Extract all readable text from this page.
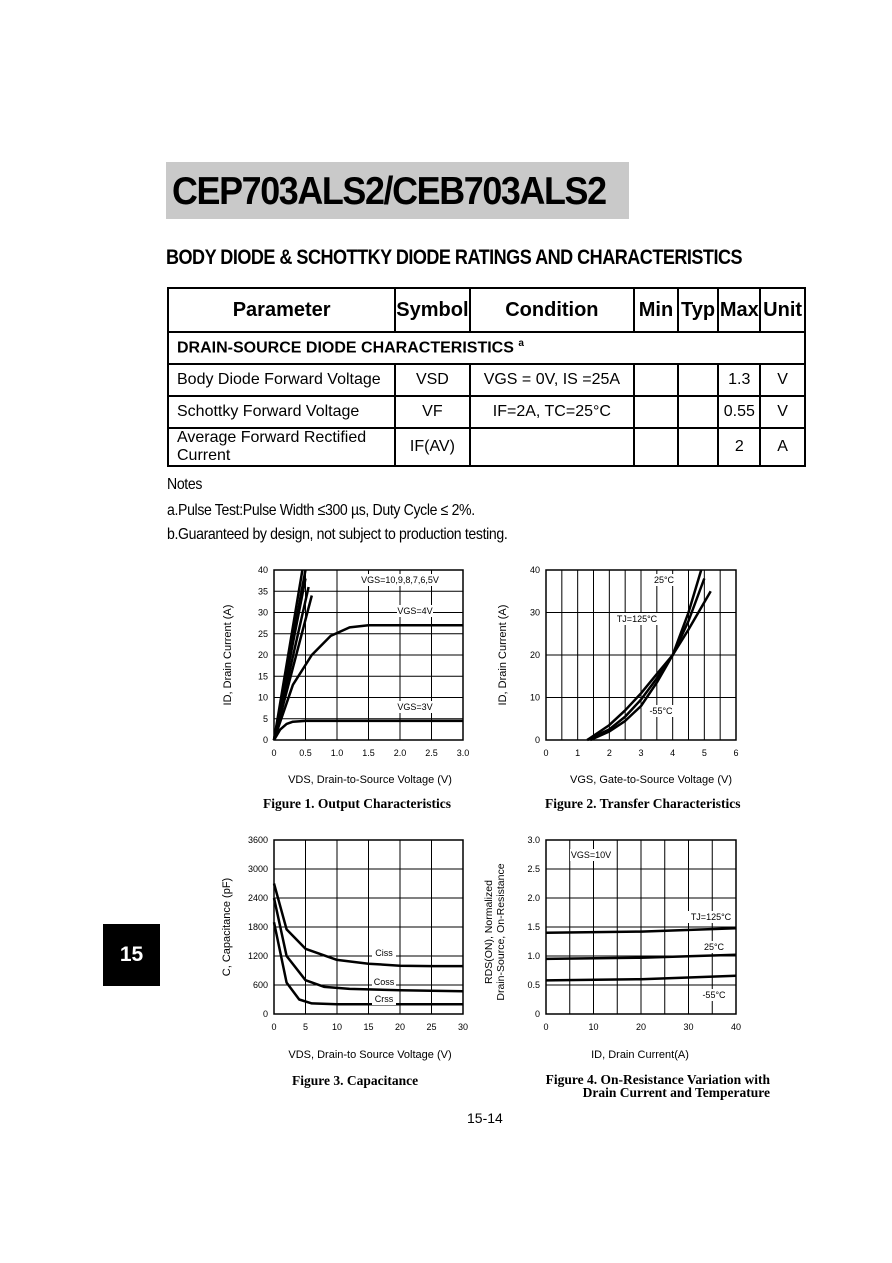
CEP703ALS2/CEB703ALS2
BODY DIODE & SCHOTTKY DIODE RATINGS AND CHARACTERISTICS
Parameter	Symbol	Condition	Min	Typ	Max	Unit
DRAIN-SOURCE DIODE CHARACTERISTICS $^a$
Body Diode Forward Voltage	VSD	VGS = 0V, IS =25A			1.3	V
Schottky Forward Voltage	VF	IF=2A, TC=25°C			0.55	V
Average Forward Rectified Current	IF(AV)				2	A
Notes
a.Pulse Test:Pulse Width ≤300 µs, Duty Cycle ≤ 2%.
b.Guaranteed by design, not subject to production testing.
0	0.5 1.0 1.5 2.0 2.5 3.0
0
5
10
15
20
25
30
35
40
VDS, Drain-to-Source Voltage (V)
ID, Drain Current (A)
VGS=10,9,8,7,6,5V
VGS=4V
VGS=3V
0	1	2	3	4	5	6
0
10
20
30
40
VGS, Gate-to-Source Voltage (V)
ID, Drain Current (A)
25°C
TJ=125°C
-55°C
0	5	10 15 20 25 30
0
600
1200
1800
2400
3000
3600
VDS, Drain-to Source Voltage (V)
C, Capacitance (pF)	Ciss
Coss
Crss
0	10	20	30	40
0
0.5
1.0
1.5
2.0
2.5
3.0
ID, Drain Current(A)
RDS(ON), Normalized Drain-Source, On-Resistance
VGS=10V
TJ=125°C
25°C
-55°C
Figure 1. Output Characteristics	Figure 2. Transfer Characteristics
Figure 3. Capacitance	Figure 4. On-Resistance Variation with Drain Current and Temperature
15
15-14
